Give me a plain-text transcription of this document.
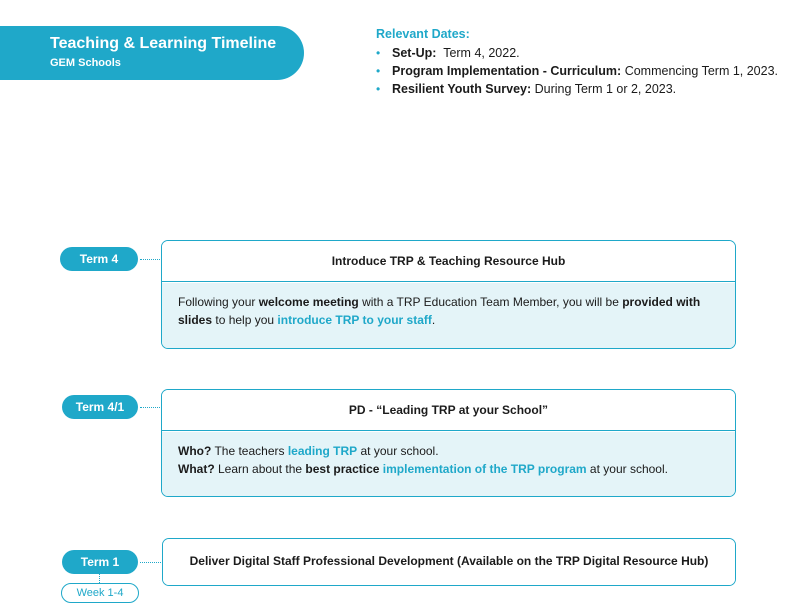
Teaching & Learning Timeline
GEM Schools
Relevant Dates:
• Set-Up: Term 4, 2022.
• Program Implementation - Curriculum: Commencing Term 1, 2023.
• Resilient Youth Survey: During Term 1 or 2, 2023.
Term 4	Introduce TRP & Teaching Resource Hub
Following your welcome meeting with a TRP Education Team Member, you will be provided with slides to help you introduce TRP to your staff.
Term 4/1	PD - “Leading TRP at your School”
Who? The teachers leading TRP at your school.
What? Learn about the best practice implementation of the TRP program at your school.
Term 1
Week 1-4
Deliver Digital Staff Professional Development (Available on the TRP Digital Resource Hub)
